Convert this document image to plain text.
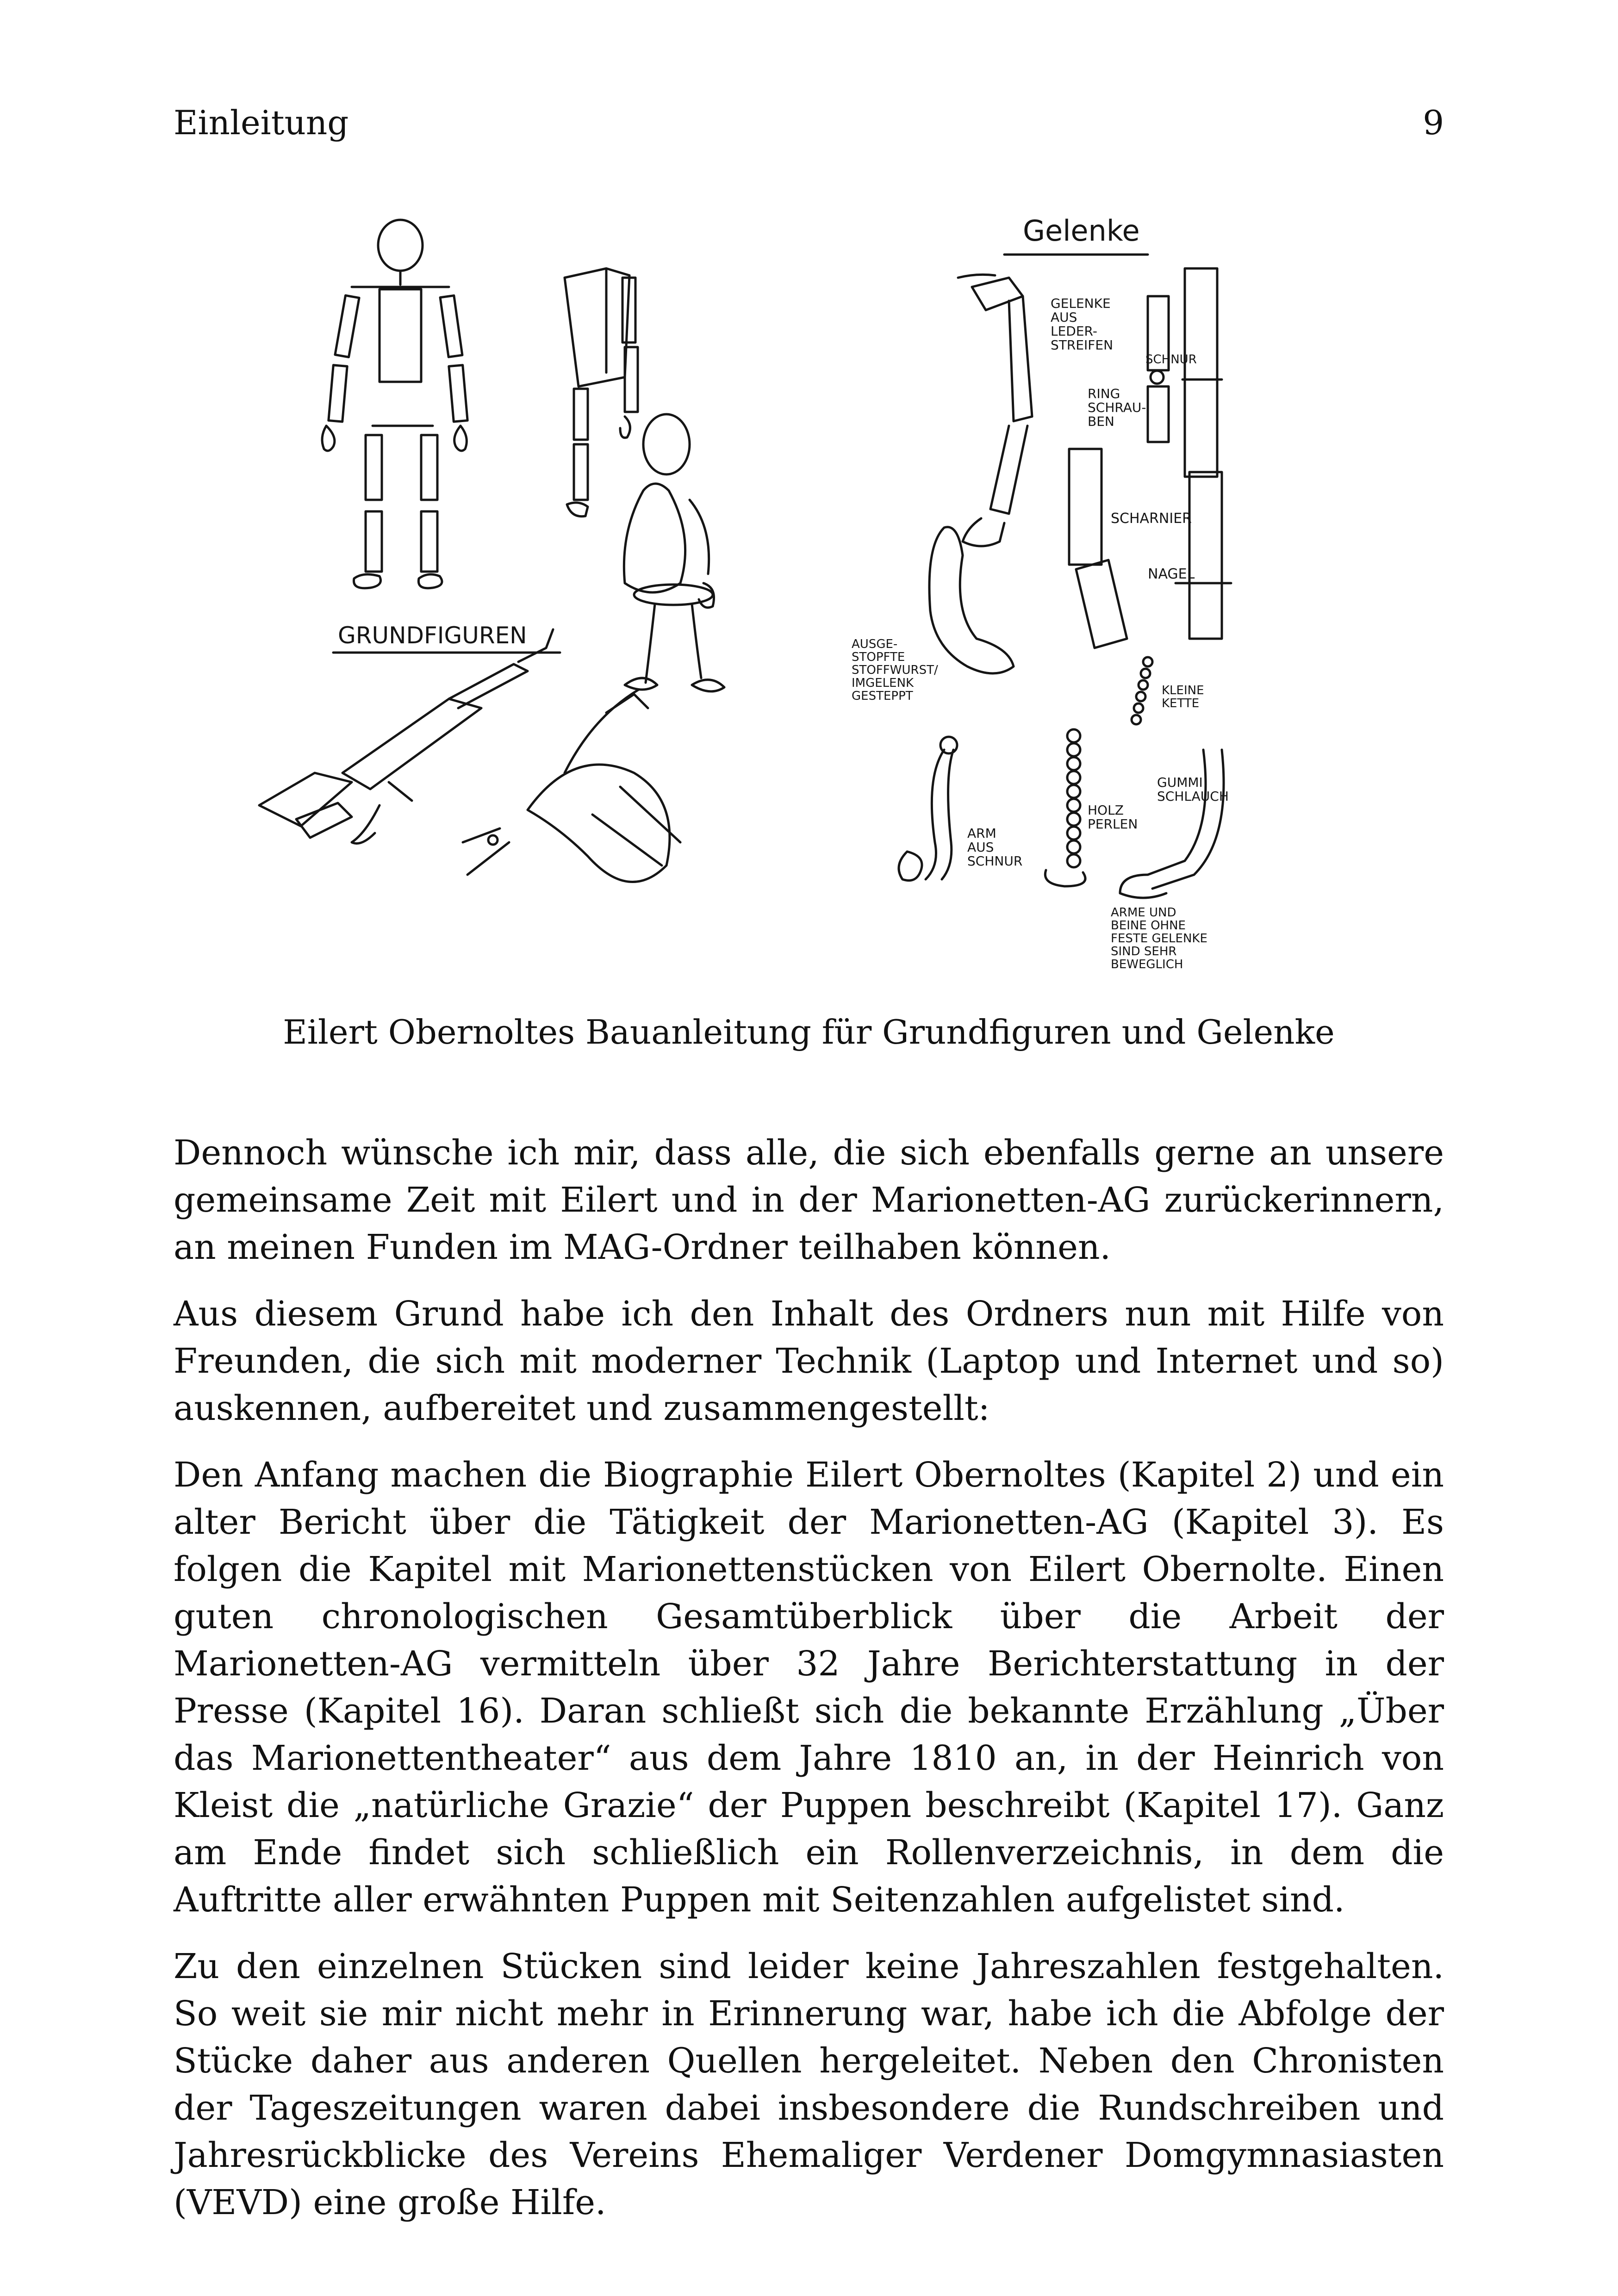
Einleitung	9
GRUNDFIGUREN
Gelenke
GELENKE AUS LEDER- STREIFEN
SCHNUR
RING SCHRAU- BEN
SCHARNIER
NAGEL
AUSGE- STOPFTE STOFFWURST/ IMGELENK GESTEPPT	KLEINE KETTE
HOLZ PERLEN
GUMMI SCHLAUCH
ARM AUS SCHNUR
ARME UND BEINE OHNE FESTE GELENKE SIND SEHR BEWEGLICH
Eilert Obernoltes Bauanleitung für Grundfiguren und Gelenke

Dennoch wünsche ich mir, dass alle, die sich ebenfalls gerne an unsere gemeinsame Zeit mit Eilert und in der Marionetten-AG zurückerinnern, an meinen Funden im MAG-Ordner teilhaben können.

Aus diesem Grund habe ich den Inhalt des Ordners nun mit Hilfe von Freunden, die sich mit moderner Technik (Laptop und Internet und so) auskennen, aufbereitet und zusammengestellt:

Den Anfang machen die Biographie Eilert Obernoltes (Kapitel 2) und ein alter Bericht über die Tätigkeit der Marionetten-AG (Kapitel 3). Es folgen die Kapitel mit Marionettenstücken von Eilert Obernolte. Einen guten chronologischen Gesamtüberblick über die Arbeit der Marionetten-AG vermitteln über 32 Jahre Berichterstattung in der Presse (Kapitel 16). Daran schließt sich die bekannte Erzählung „Über das Marionettentheater“ aus dem Jahre 1810 an, in der Heinrich von Kleist die „natürliche Grazie“ der Puppen beschreibt (Kapitel 17). Ganz am Ende findet sich schließlich ein Rollenverzeichnis, in dem die Auftritte aller erwähnten Puppen mit Seitenzahlen aufgelistet sind.

Zu den einzelnen Stücken sind leider keine Jahreszahlen festgehalten. So weit sie mir nicht mehr in Erinnerung war, habe ich die Abfolge der Stücke daher aus anderen Quellen hergeleitet. Neben den Chronisten der Tageszeitungen waren dabei insbesondere die Rundschreiben und Jahresrückblicke des Vereins Ehemaliger Verdener Domgymnasiasten (VEVD) eine große Hilfe.
